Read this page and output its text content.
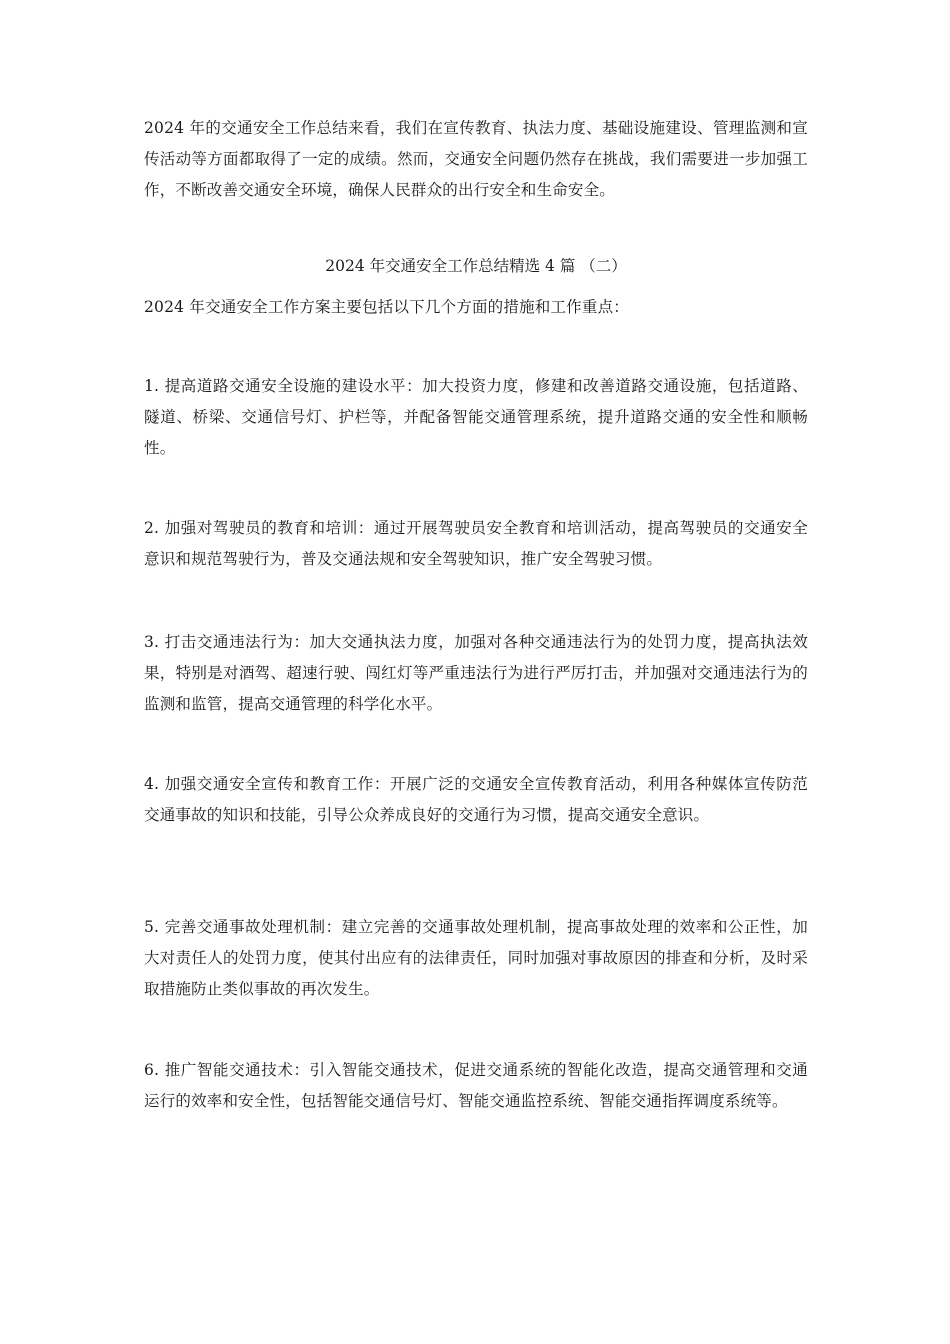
2024 年的交通安全工作总结来看，我们在宣传教育、执法力度、基础设施建设、管理监测和宣传活动等方面都取得了一定的成绩。然而，交通安全问题仍然存在挑战，我们需要进一步加强工作，不断改善交通安全环境，确保人民群众的出行安全和生命安全。

2024 年交通安全工作总结精选 4 篇 （二）

2024 年交通安全工作方案主要包括以下几个方面的措施和工作重点：

1. 提高道路交通安全设施的建设水平：加大投资力度，修建和改善道路交通设施，包括道路、隧道、桥梁、交通信号灯、护栏等，并配备智能交通管理系统，提升道路交通的安全性和顺畅性。

2. 加强对驾驶员的教育和培训：通过开展驾驶员安全教育和培训活动，提高驾驶员的交通安全意识和规范驾驶行为，普及交通法规和安全驾驶知识，推广安全驾驶习惯。

3. 打击交通违法行为：加大交通执法力度，加强对各种交通违法行为的处罚力度，提高执法效果，特别是对酒驾、超速行驶、闯红灯等严重违法行为进行严厉打击，并加强对交通违法行为的监测和监管，提高交通管理的科学化水平。

4. 加强交通安全宣传和教育工作：开展广泛的交通安全宣传教育活动，利用各种媒体宣传防范交通事故的知识和技能，引导公众养成良好的交通行为习惯，提高交通安全意识。

5. 完善交通事故处理机制：建立完善的交通事故处理机制，提高事故处理的效率和公正性，加大对责任人的处罚力度，使其付出应有的法律责任，同时加强对事故原因的排查和分析，及时采取措施防止类似事故的再次发生。

6. 推广智能交通技术：引入智能交通技术，促进交通系统的智能化改造，提高交通管理和交通运行的效率和安全性，包括智能交通信号灯、智能交通监控系统、智能交通指挥调度系统等。
